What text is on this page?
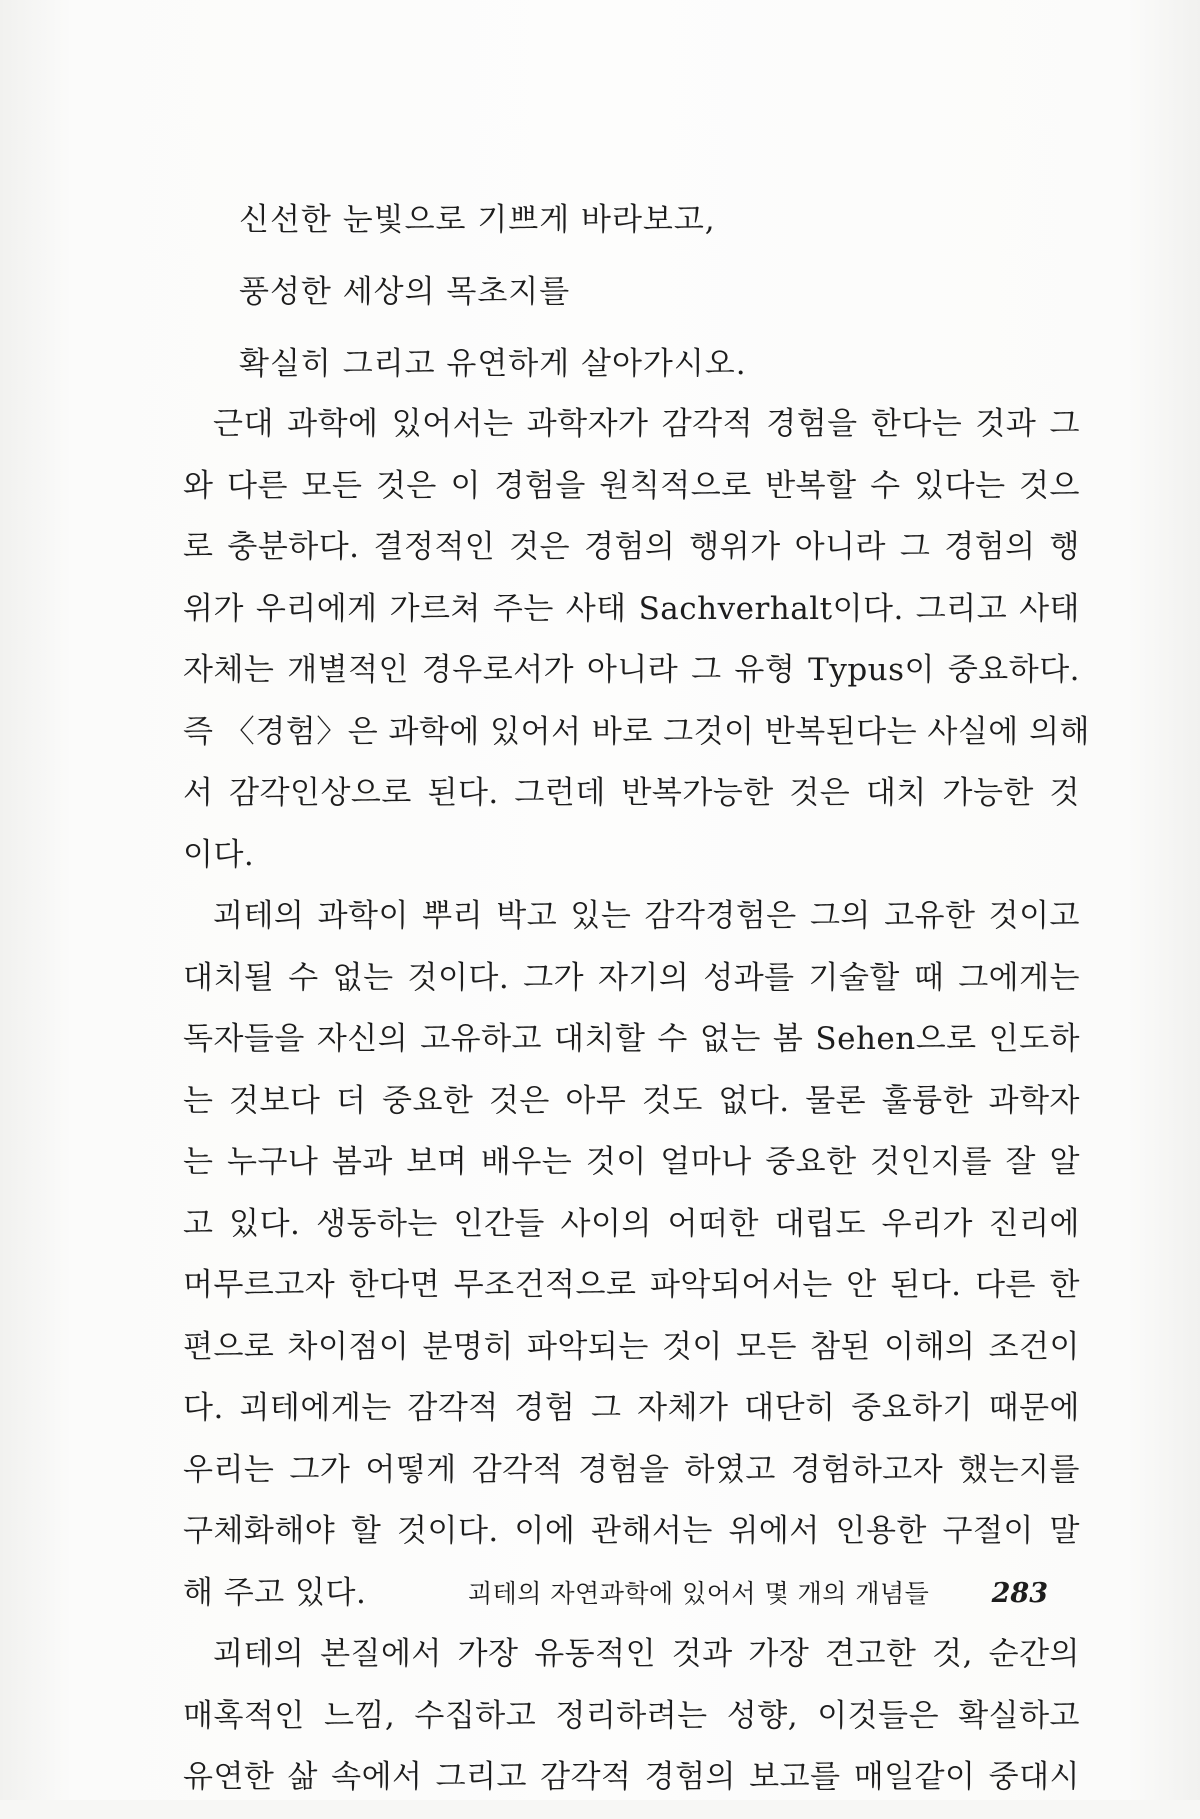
신선한 눈빛으로 기쁘게 바라보고,
풍성한 세상의 목초지를
확실히 그리고 유연하게 살아가시오.
근대 과학에 있어서는 과학자가 감각적 경험을 한다는 것과 그
와 다른 모든 것은 이 경험을 원칙적으로 반복할 수 있다는 것으
로 충분하다. 결정적인 것은 경험의 행위가 아니라 그 경험의 행
위가 우리에게 가르쳐 주는 사태 Sachverhalt이다. 그리고 사태
자체는 개별적인 경우로서가 아니라 그 유형 Typus이 중요하다.
즉 〈경험〉은 과학에 있어서 바로 그것이 반복된다는 사실에 의해
서 감각인상으로 된다. 그런데 반복가능한 것은 대치 가능한 것
이다.
괴테의 과학이 뿌리 박고 있는 감각경험은 그의 고유한 것이고
대치될 수 없는 것이다. 그가 자기의 성과를 기술할 때 그에게는
독자들을 자신의 고유하고 대치할 수 없는 봄 Sehen으로 인도하
는 것보다 더 중요한 것은 아무 것도 없다. 물론 훌륭한 과학자
는 누구나 봄과 보며 배우는 것이 얼마나 중요한 것인지를 잘 알
고 있다. 생동하는 인간들 사이의 어떠한 대립도 우리가 진리에
머무르고자 한다면 무조건적으로 파악되어서는 안 된다. 다른 한
편으로 차이점이 분명히 파악되는 것이 모든 참된 이해의 조건이
다. 괴테에게는 감각적 경험 그 자체가 대단히 중요하기 때문에
우리는 그가 어떻게 감각적 경험을 하였고 경험하고자 했는지를
구체화해야 할 것이다. 이에 관해서는 위에서 인용한 구절이 말
해 주고 있다.
괴테의 본질에서 가장 유동적인 것과 가장 견고한 것, 순간의
매혹적인 느낌, 수집하고 정리하려는 성향, 이것들은 확실하고
유연한 삶 속에서 그리고 감각적 경험의 보고를 매일같이 중대시
괴테의 자연과학에 있어서 몇 개의 개념들 283
